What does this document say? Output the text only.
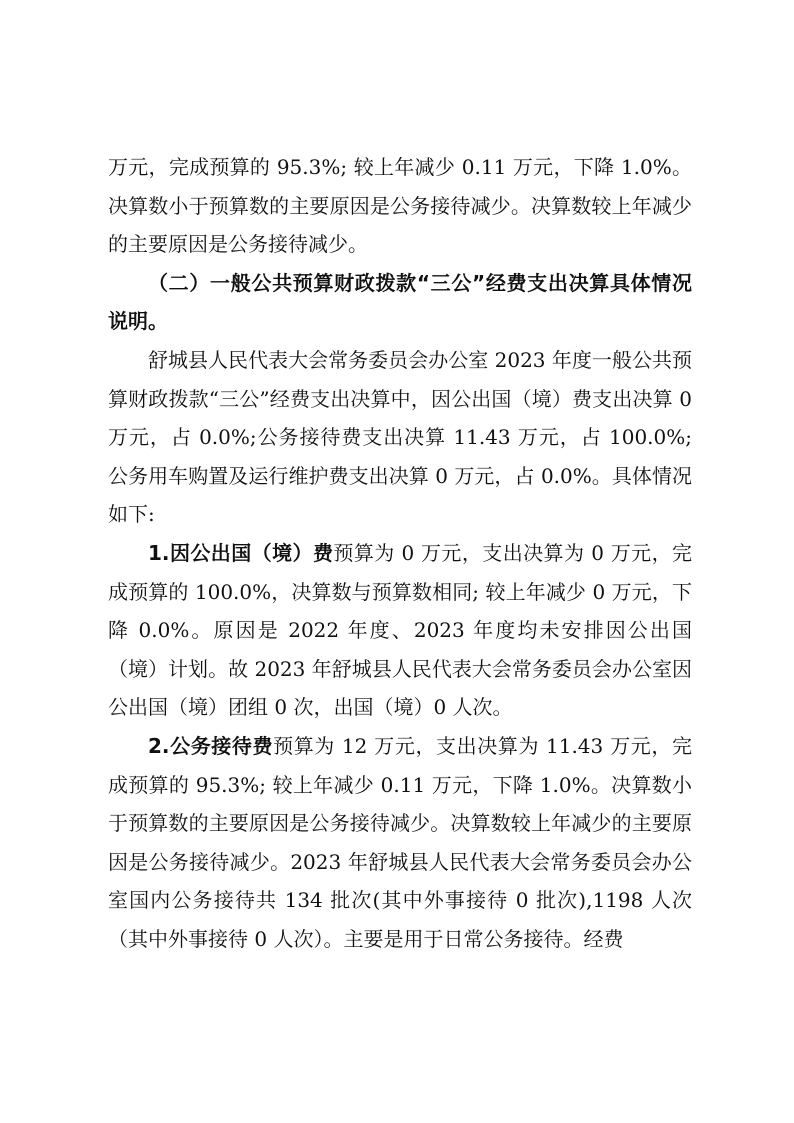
万元，完成预算的 95.3%; 较上年减少 0.11 万元，下降 1.0%。决算数小于预算数的主要原因是公务接待减少。决算数较上年减少的主要原因是公务接待减少。

（二）一般公共预算财政拨款“三公”经费支出决算具体情况说明。

舒城县人民代表大会常务委员会办公室 2023 年度一般公共预算财政拨款“三公”经费支出决算中，因公出国（境）费支出决算 0 万元，占 0.0%;公务接待费支出决算 11.43 万元，占 100.0%; 公务用车购置及运行维护费支出决算 0 万元，占 0.0%。具体情况如下:

1.因公出国（境）费预算为 0 万元，支出决算为 0 万元，完成预算的 100.0%，决算数与预算数相同; 较上年减少 0 万元，下降 0.0%。原因是 2022 年度、2023 年度均未安排因公出国（境）计划。故 2023 年舒城县人民代表大会常务委员会办公室因公出国（境）团组 0 次，出国（境）0 人次。

2.公务接待费预算为 12 万元，支出决算为 11.43 万元，完成预算的 95.3%; 较上年减少 0.11 万元，下降 1.0%。决算数小于预算数的主要原因是公务接待减少。决算数较上年减少的主要原因是公务接待减少。2023 年舒城县人民代表大会常务委员会办公室国内公务接待共 134 批次(其中外事接待 0 批次),1198 人次（其中外事接待 0 人次）。主要是用于日常公务接待。经费
